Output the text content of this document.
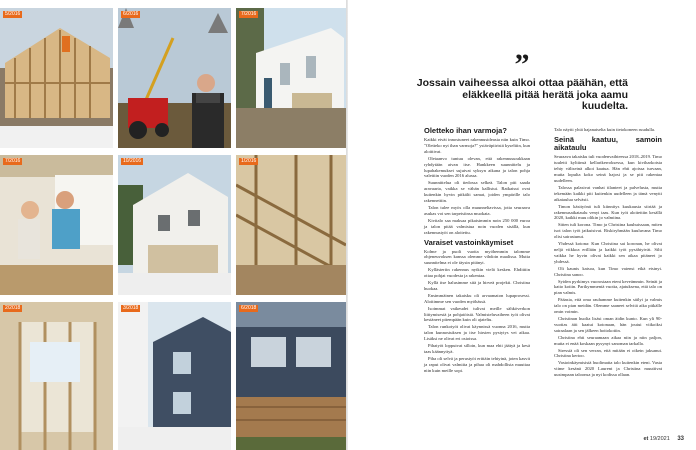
5/2016	6/2016	7/2016
7/2016	10/2016	1/2016
2/2018	3/2018	6/2018
”

Jossain vaiheessa alkoi ottaa päähän, että eläkkeellä pitää herätä joka aamu kuudelta.

Oletteko ihan varmoja?

Kaikki eivät innostuneet rakennusideasta niin kuin Timo. "Oletteko nyt ihan varmoja?" ystäväpiiristä kyseltiin, kun aloittivat.

Oletaanvo tuntuu olevan, että rakennusurakkaan ryhdytään aivan itse. Hankkeen suunnittelu ja lupahakemukset sujuivat syksyn aikana ja talon pohja valettiin vuoden 2016 alussa.

Suunnittelua oli tiedossa selkeä. Talon piti saada aravaarta, vaikka se vähän kallistui. Ratkaisut ovat kuitenkin hyvin pitkälti samat, joiden ympärille talo rakennettiin.

Talon tulee myös olla muunneltavissa, jotta seuraava asukas voi sen tarpeisiinsa muokata.

Kivitalo saa maksaa pikaisimmin noin 250 000 euroa ja talon pitää valmistua noin vuoden sisällä, kun rakennustyöt on aloitettu.

Varaiset vastoinkäymiset

Kolme ja puoli vuotta myöhemmin talomme ohjeneuvoksen kanssa olemme vihdoin maalissa. Mutta suunnitelma ei ole täysin pitänyt.

Kyllästeriin rakennus nytkin vielä kesken. Ehdittiin ottaa pohjat vuodesta ja rakentaa.

Kyllä itse halusimme sitä ja hirveä projekti. Christina huokaa.

Ensimmäinen takaisku oli arvaamaton lupaprosessi. Aloitimme sen vuoden myöhässä.

Isoimmat vaikeudet tulivat meille sähköverkon liittymisestä ja pohjatöistä. Valmisteluvaiheen työt olivat kestäneet pitempään kuin oli ajateltu.

Talon runkotyöt olivat käynnissä vuonna 2016, mutta talon kunnostuksen ja itse hirsien pystytys vei aikaa. Lisäksi ne olivat eri osioissa.

Pihatyöt loppuivat silloin, kun maa ehti jäätyä ja kesä taas käännyttyä.

Piha oli selvä ja perustyöt erittäin tehtyinä, joten kasvit ja raput olivat valmiita ja pihaa oli mahdollista muuttaa niin kuin meille sopi.

Talo näytti yhtä hajanaiselta kuin tietokoneen ruudulla.

Seinä kaatuu, samoin aikataulu

Seuraava takaisku tuli vuodenvaihteessa 2018–2019. Timo tuuletti kylttinsä kellarikerroksessa, kun kiviharkoista tehty väliseinä alkoi kaatua. Hän ehti ajoissa turvaan, mutta lopulta koko seinä hajosi ja se piti rakentaa uudelleen.

Talossa palasivat vanhat tilanteet ja palvelusta, mutta tekemään kaikki piti kuitenkin uudelleen ja tämä venytti aikataulua selvästi.

Timon käsityönä tuli kiinnitys kuukausia siirtää ja rakennusaikataulu venyi taas. Kun työt aloitettiin kesällä 2020, kaikki muu olikin jo valmiina.

Sitten tuli korona. Timo ja Christina kauhuissaan, miten isot talon työt jatkuisivat. Riskiryhmään kuuluvana Timo olisi sairastunut.

Yhdessä kotona: Kun Christina sai koronan, he olivat neljä viikkoa erillään ja kaikki työt pysähtyivät. Silti vaikka he hyvin olivat kaikki sen aikaa pitäneet jo yhdessä.

Oli kaunis katsoa, kun Timo vaiensi eikä etsinyt. Christina sanoo.

Syiden pyrkimys vuorostaan eteni keveämmin. Seinät ja katto kotiin. Parikymmentä vuotta, ajatuksena, että talo on pian valmis.

Pääasia, että oma rauhamme kuitenkin säilyi ja valmis talo on pian meidän. Olemme saaneet selvitä aika pitkälle omin voimin.

Christinan huolia lisäsi oman äidin kunto. Kun yli 90-vuotias äiti kaatui kotonaan, hän joutui viikoiksi sairaalaan ja sen jälkeen hoitokotiin.

Christina ehti seuraamaan aikaa niin ja niin paljon, mutta ei enää koskaan pysynyt sanoman tarkalla.

Stressiä oli sen verran, että mitään ei oikein jaksanut. Christina kertoo.

Vastoinkäymisistä huolimatta talo kuitenkin eteni. Vasta viime kesänä 2020 Laurent ja Christina muuttivat uusimpaan taloonsa ja nyt kodissa ollaan.

et 19/2021 33
